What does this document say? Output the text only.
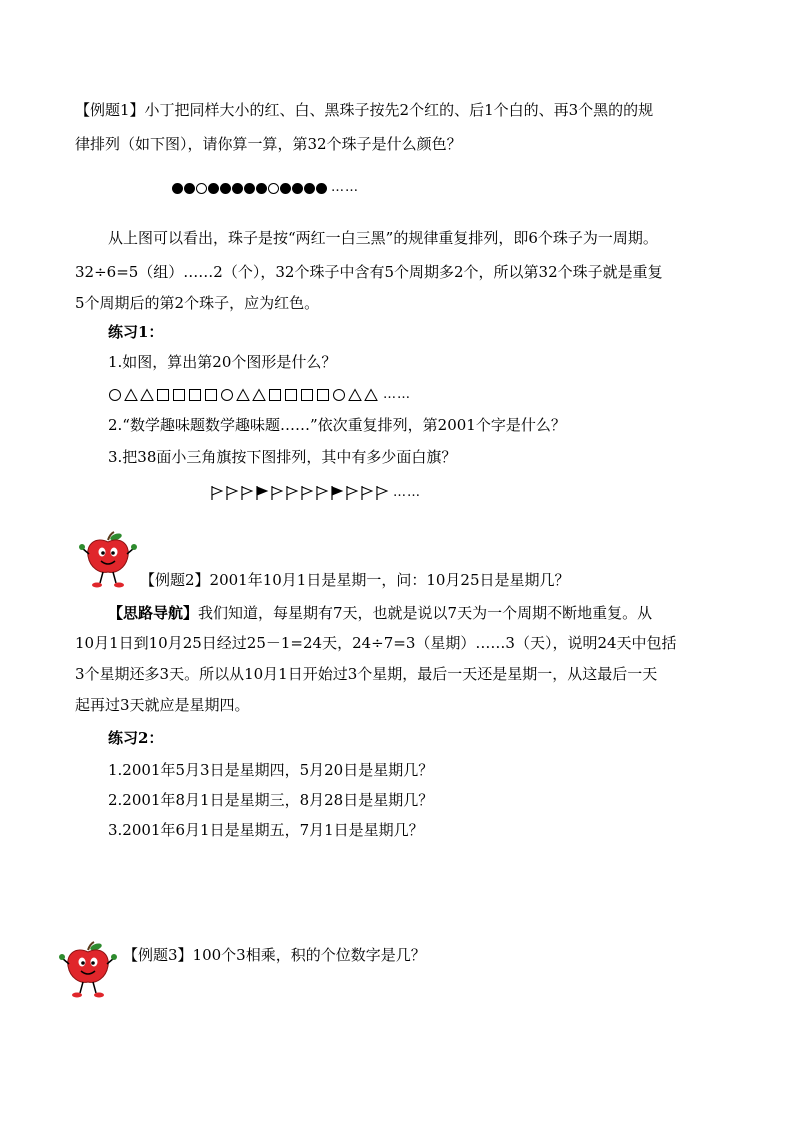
【例题1】小丁把同样大小的红、白、黑珠子按先2个红的、后1个白的、再3个黑的的规
律排列（如下图），请你算一算，第32个珠子是什么颜色？
……
从上图可以看出，珠子是按“两红一白三黑”的规律重复排列，即6个珠子为一周期。
32÷6=5（组）……2（个），32个珠子中含有5个周期多2个，所以第32个珠子就是重复
5个周期后的第2个珠子，应为红色。
练习1：
1.如图，算出第20个图形是什么？
……
2.“数学趣味题数学趣味题……”依次重复排列，第2001个字是什么？
3.把38面小三角旗按下图排列，其中有多少面白旗？
……
【例题2】2001年10月1日是星期一，问：10月25日是星期几？
【思路导航】我们知道，每星期有7天，也就是说以7天为一个周期不断地重复。从
10月1日到10月25日经过25－1=24天，24÷7=3（星期）……3（天），说明24天中包括
3个星期还多3天。所以从10月1日开始过3个星期，最后一天还是星期一，从这最后一天
起再过3天就应是星期四。
练习2：
1.2001年5月3日是星期四，5月20日是星期几？
2.2001年8月1日是星期三，8月28日是星期几？
3.2001年6月1日是星期五，7月1日是星期几？
【例题3】100个3相乘，积的个位数字是几？
